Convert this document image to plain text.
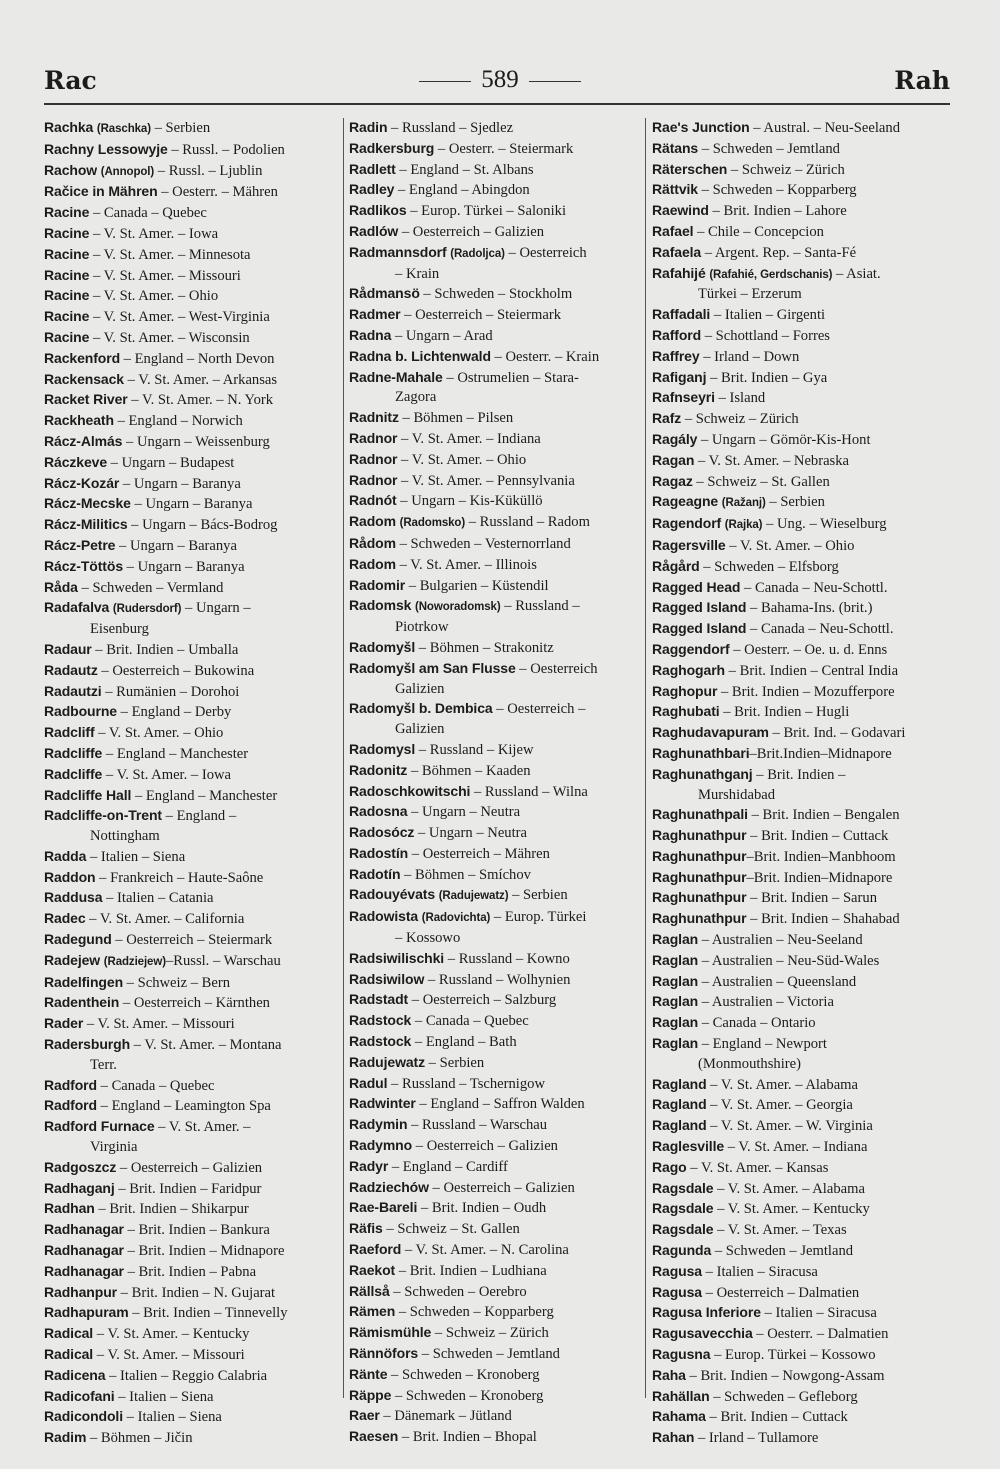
Rac	589	Rah
Rachka (Raschka) – Serbien
Rachny Lessowyje – Russl. – Podolien
Rachow (Annopol) – Russl. – Ljublin
Račice in Mähren – Oesterr. – Mähren
Racine – Canada – Quebec
Racine – V. St. Amer. – Iowa
Racine – V. St. Amer. – Minnesota
Racine – V. St. Amer. – Missouri
Racine – V. St. Amer. – Ohio
Racine – V. St. Amer. – West-Virginia
Racine – V. St. Amer. – Wisconsin
Rackenford – England – North Devon
Rackensack – V. St. Amer. – Arkansas
Racket River – V. St. Amer. – N. York
Rackheath – England – Norwich
Rácz-Almás – Ungarn – Weissenburg
Ráczkeve – Ungarn – Budapest
Rácz-Kozár – Ungarn – Baranya
Rácz-Mecske – Ungarn – Baranya
Rácz-Militics – Ungarn – Bács-Bodrog
Rácz-Petre – Ungarn – Baranya
Rácz-Töttös – Ungarn – Baranya
Råda – Schweden – Vermland
Radafalva (Rudersdorf) – Ungarn –
Eisenburg
Radaur – Brit. Indien – Umballa
Radautz – Oesterreich – Bukowina
Radautzi – Rumänien – Dorohoi
Radbourne – England – Derby
Radcliff – V. St. Amer. – Ohio
Radcliffe – England – Manchester
Radcliffe – V. St. Amer. – Iowa
Radcliffe Hall – England – Manchester
Radcliffe-on-Trent – England –
Nottingham
Radda – Italien – Siena
Raddon – Frankreich – Haute-Saône
Raddusa – Italien – Catania
Radec – V. St. Amer. – California
Radegund – Oesterreich – Steiermark
Radejew (Radziejew)–Russl. – Warschau
Radelfingen – Schweiz – Bern
Radenthein – Oesterreich – Kärnthen
Rader – V. St. Amer. – Missouri
Radersburgh – V. St. Amer. – Montana
Terr.
Radford – Canada – Quebec
Radford – England – Leamington Spa
Radford Furnace – V. St. Amer. –
Virginia
Radgoszcz – Oesterreich – Galizien
Radhaganj – Brit. Indien – Faridpur
Radhan – Brit. Indien – Shikarpur
Radhanagar – Brit. Indien – Bankura
Radhanagar – Brit. Indien – Midnapore
Radhanagar – Brit. Indien – Pabna
Radhanpur – Brit. Indien – N. Gujarat
Radhapuram – Brit. Indien – Tinnevelly
Radical – V. St. Amer. – Kentucky
Radical – V. St. Amer. – Missouri
Radicena – Italien – Reggio Calabria
Radicofani – Italien – Siena
Radicondoli – Italien – Siena
Radim – Böhmen – Jičin
Radin – Russland – Sjedlez
Radkersburg – Oesterr. – Steiermark
Radlett – England – St. Albans
Radley – England – Abingdon
Radlikos – Europ. Türkei – Saloniki
Radlów – Oesterreich – Galizien
Radmannsdorf (Radoljca) – Oesterreich
– Krain
Rådmansö – Schweden – Stockholm
Radmer – Oesterreich – Steiermark
Radna – Ungarn – Arad
Radna b. Lichtenwald – Oesterr. – Krain
Radne-Mahale – Ostrumelien – Stara-
Zagora
Radnitz – Böhmen – Pilsen
Radnor – V. St. Amer. – Indiana
Radnor – V. St. Amer. – Ohio
Radnor – V. St. Amer. – Pennsylvania
Radnót – Ungarn – Kis-Küküllö
Radom (Radomsko) – Russland – Radom
Rådom – Schweden – Vesternorrland
Radom – V. St. Amer. – Illinois
Radomir – Bulgarien – Küstendil
Radomsk (Noworadomsk) – Russland –
Piotrkow
Radomyšl – Böhmen – Strakonitz
Radomyšl am San Flusse – Oesterreich
Galizien
Radomyšl b. Dembica – Oesterreich –
Galizien
Radomysl – Russland – Kijew
Radonitz – Böhmen – Kaaden
Radoschkowitschi – Russland – Wilna
Radosna – Ungarn – Neutra
Radosócz – Ungarn – Neutra
Radostín – Oesterreich – Mähren
Radotín – Böhmen – Smíchov
Radouyévats (Radujewatz) – Serbien
Radowista (Radovichta) – Europ. Türkei
– Kossowo
Radsiwilischki – Russland – Kowno
Radsiwilow – Russland – Wolhynien
Radstadt – Oesterreich – Salzburg
Radstock – Canada – Quebec
Radstock – England – Bath
Radujewatz – Serbien
Radul – Russland – Tschernigow
Radwinter – England – Saffron Walden
Radymin – Russland – Warschau
Radymno – Oesterreich – Galizien
Radyr – England – Cardiff
Radziechów – Oesterreich – Galizien
Rae-Bareli – Brit. Indien – Oudh
Räfis – Schweiz – St. Gallen
Raeford – V. St. Amer. – N. Carolina
Raekot – Brit. Indien – Ludhiana
Rällså – Schweden – Oerebro
Rämen – Schweden – Kopparberg
Rämismühle – Schweiz – Zürich
Rännöfors – Schweden – Jemtland
Ränte – Schweden – Kronoberg
Räppe – Schweden – Kronoberg
Raer – Dänemark – Jütland
Raesen – Brit. Indien – Bhopal
Rae's Junction – Austral. – Neu-Seeland
Rätans – Schweden – Jemtland
Räterschen – Schweiz – Zürich
Rättvik – Schweden – Kopparberg
Raewind – Brit. Indien – Lahore
Rafael – Chile – Concepcion
Rafaela – Argent. Rep. – Santa-Fé
Rafahijé (Rafahié, Gerdschanis) – Asiat.
Türkei – Erzerum
Raffadali – Italien – Girgenti
Rafford – Schottland – Forres
Raffrey – Irland – Down
Rafiganj – Brit. Indien – Gya
Rafnseyri – Island
Rafz – Schweiz – Zürich
Ragály – Ungarn – Gömör-Kis-Hont
Ragan – V. St. Amer. – Nebraska
Ragaz – Schweiz – St. Gallen
Rageagne (Ražanj) – Serbien
Ragendorf (Rajka) – Ung. – Wieselburg
Ragersville – V. St. Amer. – Ohio
Rågård – Schweden – Elfsborg
Ragged Head – Canada – Neu-Schottl.
Ragged Island – Bahama-Ins. (brit.)
Ragged Island – Canada – Neu-Schottl.
Raggendorf – Oesterr. – Oe. u. d. Enns
Raghogarh – Brit. Indien – Central India
Raghopur – Brit. Indien – Mozufferpore
Raghubati – Brit. Indien – Hugli
Raghudavapuram – Brit. Ind. – Godavari
Raghunathbari–Brit.Indien–Midnapore
Raghunathganj – Brit. Indien –
Murshidabad
Raghunathpali – Brit. Indien – Bengalen
Raghunathpur – Brit. Indien – Cuttack
Raghunathpur–Brit. Indien–Manbhoom
Raghunathpur–Brit. Indien–Midnapore
Raghunathpur – Brit. Indien – Sarun
Raghunathpur – Brit. Indien – Shahabad
Raglan – Australien – Neu-Seeland
Raglan – Australien – Neu-Süd-Wales
Raglan – Australien – Queensland
Raglan – Australien – Victoria
Raglan – Canada – Ontario
Raglan – England – Newport
(Monmouthshire)
Ragland – V. St. Amer. – Alabama
Ragland – V. St. Amer. – Georgia
Ragland – V. St. Amer. – W. Virginia
Raglesville – V. St. Amer. – Indiana
Rago – V. St. Amer. – Kansas
Ragsdale – V. St. Amer. – Alabama
Ragsdale – V. St. Amer. – Kentucky
Ragsdale – V. St. Amer. – Texas
Ragunda – Schweden – Jemtland
Ragusa – Italien – Siracusa
Ragusa – Oesterreich – Dalmatien
Ragusa Inferiore – Italien – Siracusa
Ragusavecchia – Oesterr. – Dalmatien
Ragusna – Europ. Türkei – Kossowo
Raha – Brit. Indien – Nowgong-Assam
Rahällan – Schweden – Gefleborg
Rahama – Brit. Indien – Cuttack
Rahan – Irland – Tullamore
